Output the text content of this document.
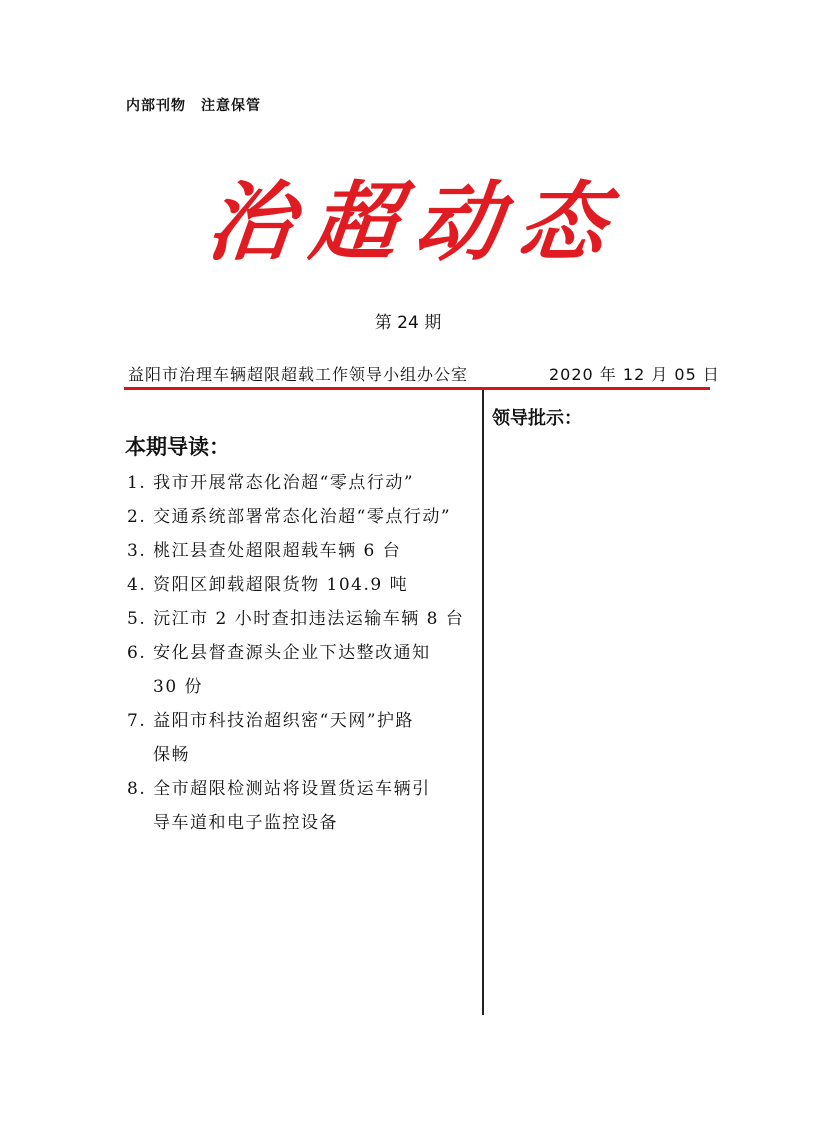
内部刊物　注意保管
治超动态
第 24 期
益阳市治理车辆超限超载工作领导小组办公室	2020 年 12 月 05 日
领导批示：
本期导读：
1. 我市开展常态化治超“零点行动”
2. 交通系统部署常态化治超“零点行动”
3. 桃江县查处超限超载车辆 6 台
4. 资阳区卸载超限货物 104.9 吨
5. 沅江市 2 小时查扣违法运输车辆 8 台
6. 安化县督查源头企业下达整改通知
30 份
7. 益阳市科技治超织密“天网”护路
保畅
8. 全市超限检测站将设置货运车辆引
导车道和电子监控设备
